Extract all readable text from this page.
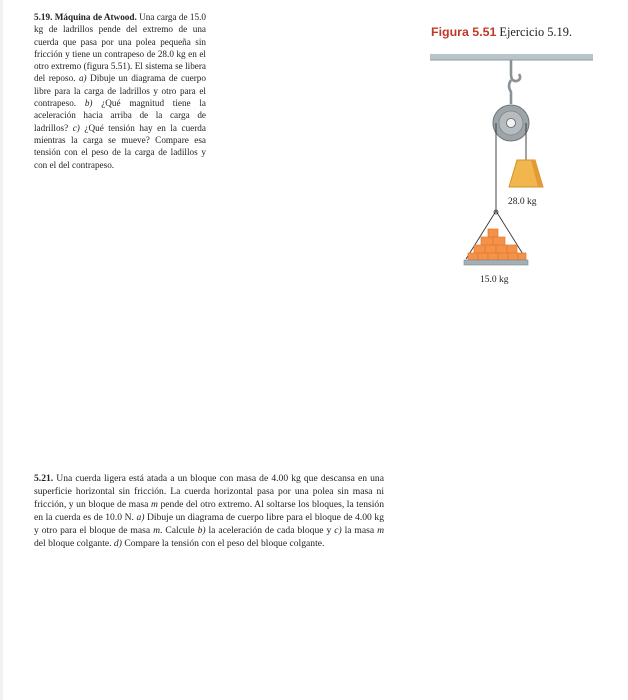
5.19. Máquina de Atwood. Una carga de 15.0 kg de ladrillos pende del extremo de una cuerda que pasa por una polea pequeña sin fricción y tiene un contrapeso de 28.0 kg en el otro extremo (figura 5.51). El sistema se libera del reposo. a) Dibuje un diagrama de cuerpo libre para la carga de ladrillos y otro para el contrapeso. b) ¿Qué magnitud tiene la aceleración hacia arriba de la carga de ladrillos? c) ¿Qué tensión hay en la cuerda mientras la carga se mueve? Compare esa tensión con el peso de la carga de ladillos y con el del contrapeso.
Figura 5.51 Ejercicio 5.19.
28.0 kg
15.0 kg
5.21. Una cuerda ligera está atada a un bloque con masa de 4.00 kg que descansa en una superficie horizontal sin fricción. La cuerda horizontal pasa por una polea sin masa ni fricción, y un bloque de masa m pende del otro extremo. Al soltarse los bloques, la tensión en la cuerda es de 10.0 N. a) Dibuje un diagrama de cuerpo libre para el bloque de 4.00 kg y otro para el bloque de masa m. Calcule b) la aceleración de cada bloque y c) la masa m del bloque colgante. d) Compare la tensión con el peso del bloque colgante.
